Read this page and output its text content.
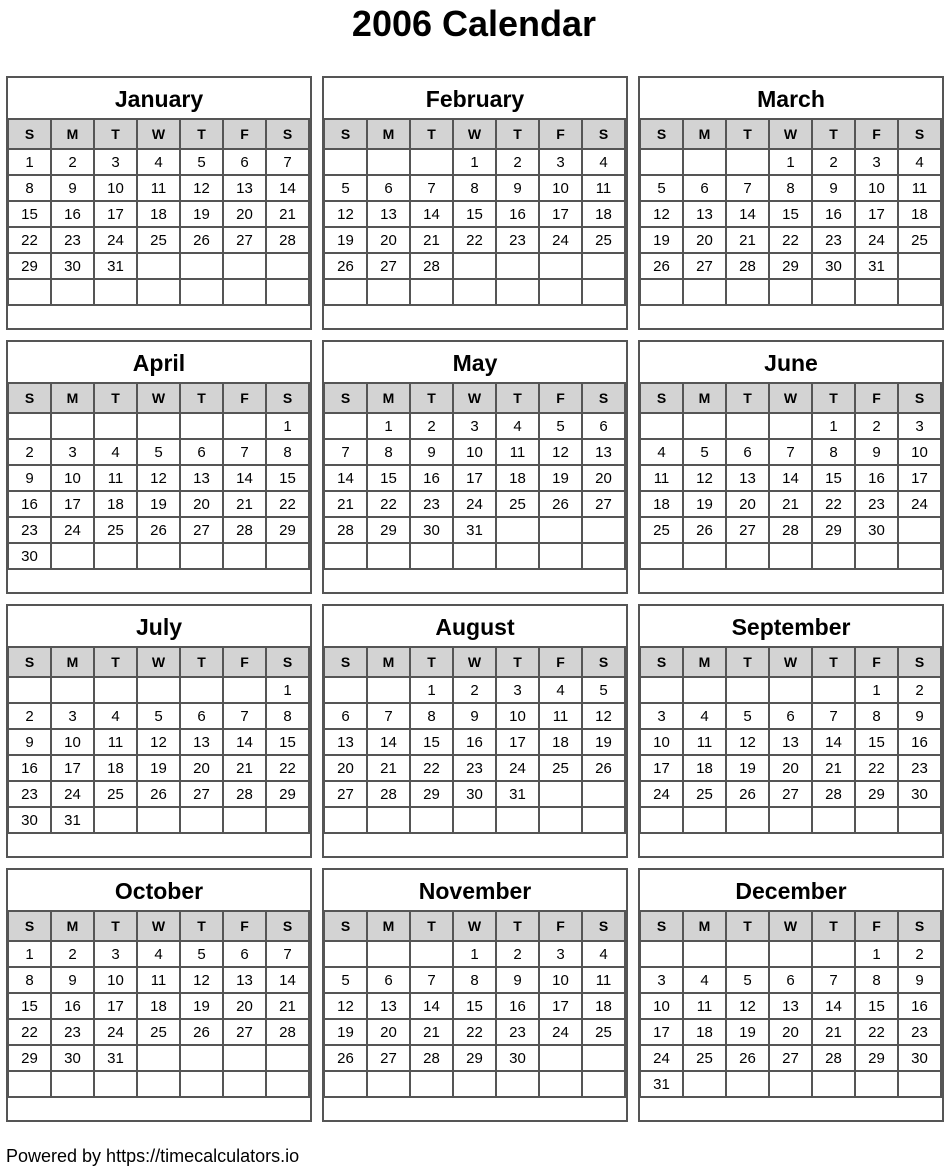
2006 Calendar
January
S	M	T	W	T	F	S
1	2	3	4	5	6	7
8	9	10	11	12	13	14
15	16	17	18	19	20	21
22	23	24	25	26	27	28
29	30	31				

February
S	M	T	W	T	F	S
			1	2	3	4
5	6	7	8	9	10	11
12	13	14	15	16	17	18
19	20	21	22	23	24	25
26	27	28				

March
S	M	T	W	T	F	S
			1	2	3	4
5	6	7	8	9	10	11
12	13	14	15	16	17	18
19	20	21	22	23	24	25
26	27	28	29	30	31	

April
S	M	T	W	T	F	S
						1
2	3	4	5	6	7	8
9	10	11	12	13	14	15
16	17	18	19	20	21	22
23	24	25	26	27	28	29
30						
May
S	M	T	W	T	F	S
	1	2	3	4	5	6
7	8	9	10	11	12	13
14	15	16	17	18	19	20
21	22	23	24	25	26	27
28	29	30	31			

June
S	M	T	W	T	F	S
				1	2	3
4	5	6	7	8	9	10
11	12	13	14	15	16	17
18	19	20	21	22	23	24
25	26	27	28	29	30	

July
S	M	T	W	T	F	S
						1
2	3	4	5	6	7	8
9	10	11	12	13	14	15
16	17	18	19	20	21	22
23	24	25	26	27	28	29
30	31					
August
S	M	T	W	T	F	S
		1	2	3	4	5
6	7	8	9	10	11	12
13	14	15	16	17	18	19
20	21	22	23	24	25	26
27	28	29	30	31		

September
S	M	T	W	T	F	S
					1	2
3	4	5	6	7	8	9
10	11	12	13	14	15	16
17	18	19	20	21	22	23
24	25	26	27	28	29	30

October
S	M	T	W	T	F	S
1	2	3	4	5	6	7
8	9	10	11	12	13	14
15	16	17	18	19	20	21
22	23	24	25	26	27	28
29	30	31				

November
S	M	T	W	T	F	S
			1	2	3	4
5	6	7	8	9	10	11
12	13	14	15	16	17	18
19	20	21	22	23	24	25
26	27	28	29	30		

December
S	M	T	W	T	F	S
					1	2
3	4	5	6	7	8	9
10	11	12	13	14	15	16
17	18	19	20	21	22	23
24	25	26	27	28	29	30
31						
Powered by https://timecalculators.io
